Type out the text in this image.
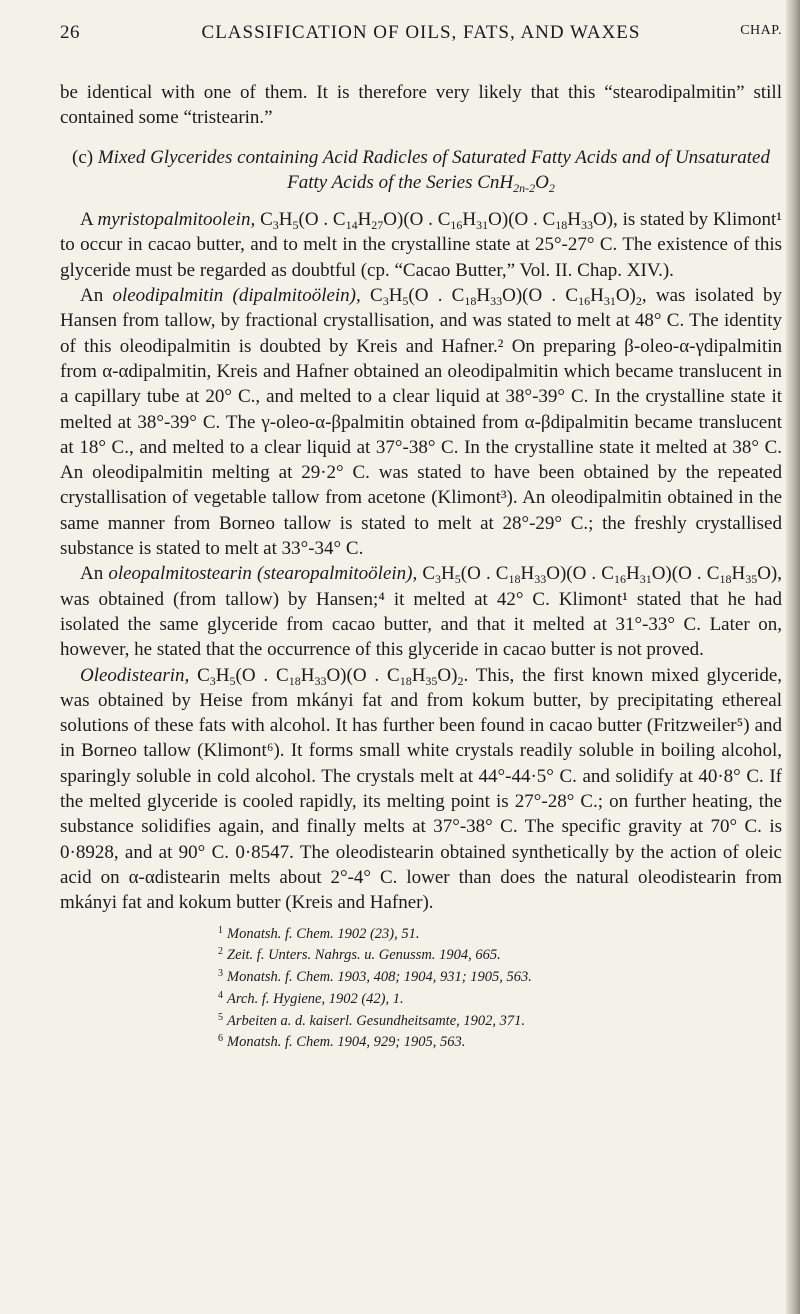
26	CLASSIFICATION OF OILS, FATS, AND WAXES	CHAP.

be identical with one of them. It is therefore very likely that this “stearodipalmitin” still contained some “tristearin.”

(c) Mixed Glycerides containing Acid Radicles of Saturated Fatty Acids and of Unsaturated Fatty Acids of the Series $CnH_{2n-2}O_2$

A myristopalmitoolein, $C_3H_5(O$ . $C_{14}H_{27}O)(O$ . $C_{16}H_{31}O)(O$ . $C_{18}H_{33}O$), is stated by Klimont¹ to occur in cacao butter, and to melt in the crystalline state at 25°-27° C. The existence of this glyceride must be regarded as doubtful (cp. “Cacao Butter,” Vol. II. Chap. XIV.).

An oleodipalmitin (dipalmitoölein), $C_3H_5(O$ . $C_{18}H_{33}O)(O$ . $C_{16}H_{31}O)_2$, was isolated by Hansen from tallow, by fractional crystallisation, and was stated to melt at 48° C. The identity of this oleodipalmitin is doubted by Kreis and Hafner.² On preparing β-oleo-α-γdipalmitin from α-αdipalmitin, Kreis and Hafner obtained an oleodipalmitin which became translucent in a capillary tube at 20° C., and melted to a clear liquid at 38°-39° C. In the crystalline state it melted at 38°-39° C. The γ-oleo-α-βpalmitin obtained from α-βdipalmitin became translucent at 18° C., and melted to a clear liquid at 37°-38° C. In the crystalline state it melted at 38° C. An oleodipalmitin melting at 29·2° C. was stated to have been obtained by the repeated crystallisation of vegetable tallow from acetone (Klimont³). An oleodipalmitin obtained in the same manner from Borneo tallow is stated to melt at 28°-29° C.; the freshly crystallised substance is stated to melt at 33°-34° C.

An oleopalmitostearin (stearopalmitoölein), $C_3H_5(O$ . $C_{18}H_{33}O)(O$ . $C_{16}H_{31}O)(O$ . $C_{18}H_{35}O$), was obtained (from tallow) by Hansen;⁴ it melted at 42° C. Klimont¹ stated that he had isolated the same glyceride from cacao butter, and that it melted at 31°-33° C. Later on, however, he stated that the occurrence of this glyceride in cacao butter is not proved.

Oleodistearin, $C_3H_5(O$ . $C_{18}H_{33}O)(O$ . $C_{18}H_{35}O)_2$. This, the first known mixed glyceride, was obtained by Heise from mkányi fat and from kokum butter, by precipitating ethereal solutions of these fats with alcohol. It has further been found in cacao butter (Fritzweiler⁵) and in Borneo tallow (Klimont⁶). It forms small white crystals readily soluble in boiling alcohol, sparingly soluble in cold alcohol. The crystals melt at 44°-44·5° C. and solidify at 40·8° C. If the melted glyceride is cooled rapidly, its melting point is 27°-28° C.; on further heating, the substance solidifies again, and finally melts at 37°-38° C. The specific gravity at 70° C. is 0·8928, and at 90° C. 0·8547. The oleodistearin obtained synthetically by the action of oleic acid on α-αdistearin melts about 2°-4° C. lower than does the natural oleodistearin from mkányi fat and kokum butter (Kreis and Hafner).

$^1$ Monatsh. f. Chem. 1902 (23), 51.
$^2$ Zeit. f. Unters. Nahrgs. u. Genussm. 1904, 665.
$^3$ Monatsh. f. Chem. 1903, 408; 1904, 931; 1905, 563.
$^4$ Arch. f. Hygiene, 1902 (42), 1.
$^5$ Arbeiten a. d. kaiserl. Gesundheitsamte, 1902, 371.
$^6$ Monatsh. f. Chem. 1904, 929; 1905, 563.
